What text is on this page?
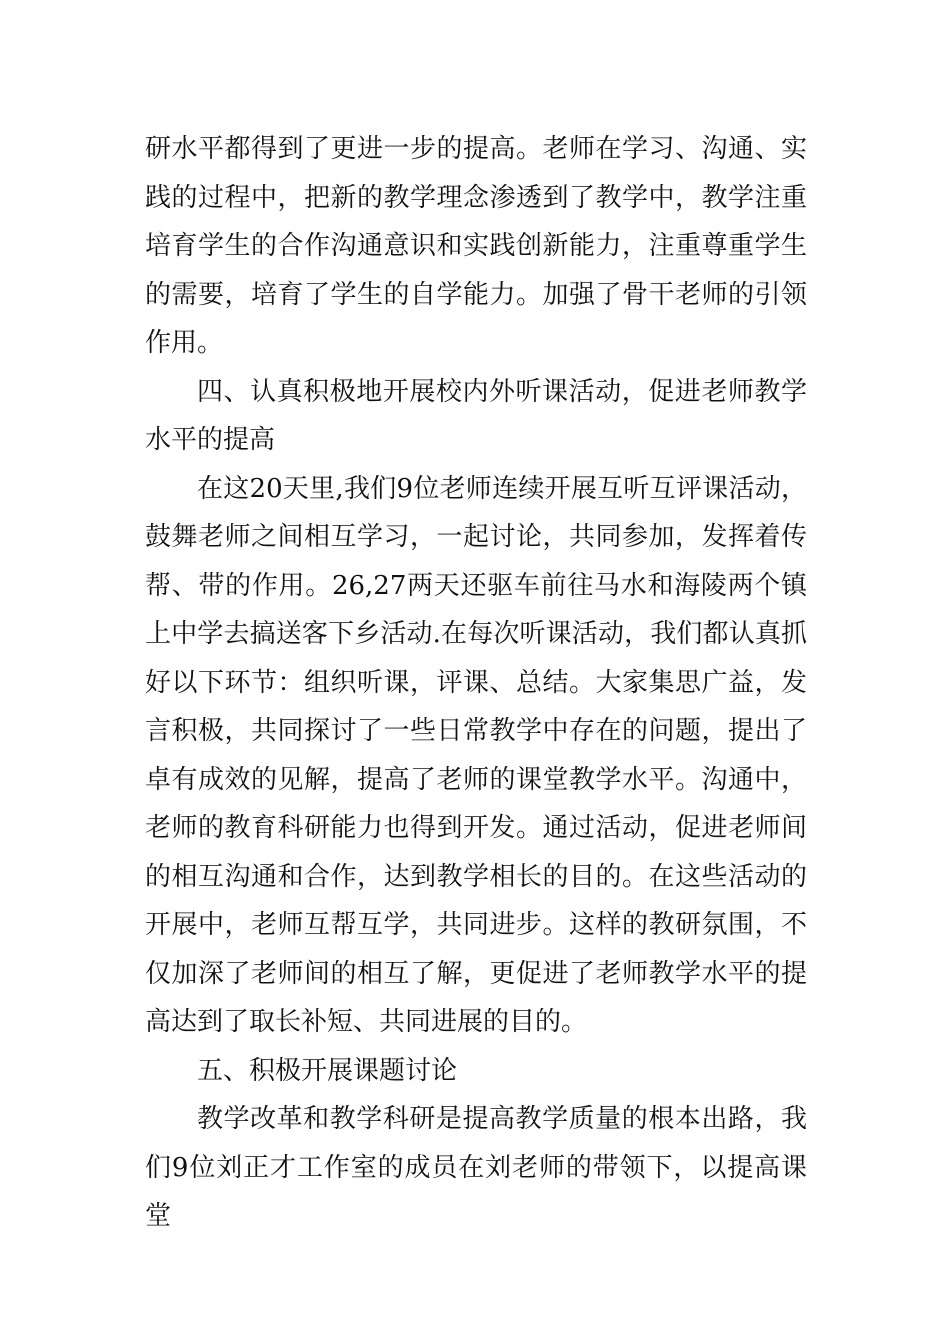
研水平都得到了更进一步的提高。老师在学习、沟通、实践的过程中，把新的教学理念渗透到了教学中，教学注重培育学生的合作沟通意识和实践创新能力，注重尊重学生的需要，培育了学生的自学能力。加强了骨干老师的引领作用。

四、认真积极地开展校内外听课活动，促进老师教学水平的提高

在这20天里,我们9位老师连续开展互听互评课活动，鼓舞老师之间相互学习，一起讨论，共同参加，发挥着传帮、带的作用。26,27两天还驱车前往马水和海陵两个镇上中学去搞送客下乡活动.在每次听课活动，我们都认真抓好以下环节：组织听课，评课、总结。大家集思广益，发言积极，共同探讨了一些日常教学中存在的问题，提出了卓有成效的见解，提高了老师的课堂教学水平。沟通中，老师的教育科研能力也得到开发。通过活动，促进老师间的相互沟通和合作，达到教学相长的目的。在这些活动的开展中，老师互帮互学，共同进步。这样的教研氛围，不仅加深了老师间的相互了解，更促进了老师教学水平的提高达到了取长补短、共同进展的目的。

五、积极开展课题讨论

教学改革和教学科研是提高教学质量的根本出路，我们9位刘正才工作室的成员在刘老师的带领下，以提高课堂
